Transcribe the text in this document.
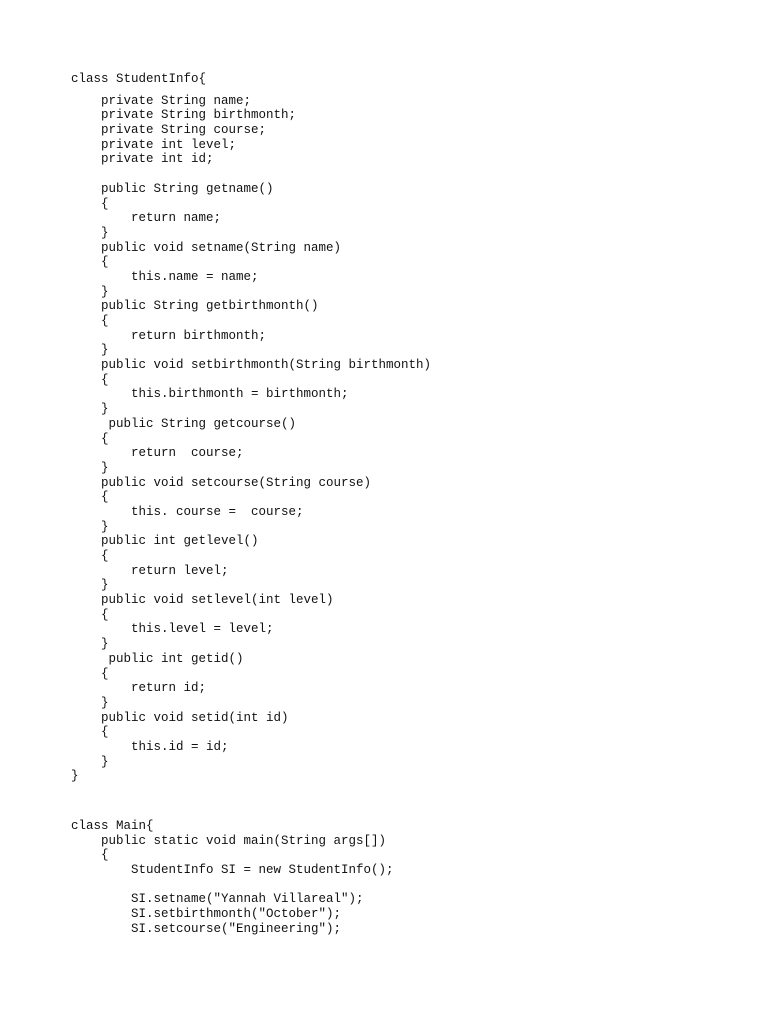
class StudentInfo{
private String name;
private String birthmonth;
private String course;
private int level;
private int id;
public String getname()
{
return name;
}
public void setname(String name)
{
this.name = name;
}
public String getbirthmonth()
{
return birthmonth;
}
public void setbirthmonth(String birthmonth)
{
this.birthmonth = birthmonth;
}
public String getcourse()
{
return  course;
}
public void setcourse(String course)
{
this. course =  course;
}
public int getlevel()
{
return level;
}
public void setlevel(int level)
{
this.level = level;
}
public int getid()
{
return id;
}
public void setid(int id)
{
this.id = id;
}
}
class Main{
public static void main(String args[])
{
StudentInfo SI = new StudentInfo();
SI.setname("Yannah Villareal");
SI.setbirthmonth("October");
SI.setcourse("Engineering");
